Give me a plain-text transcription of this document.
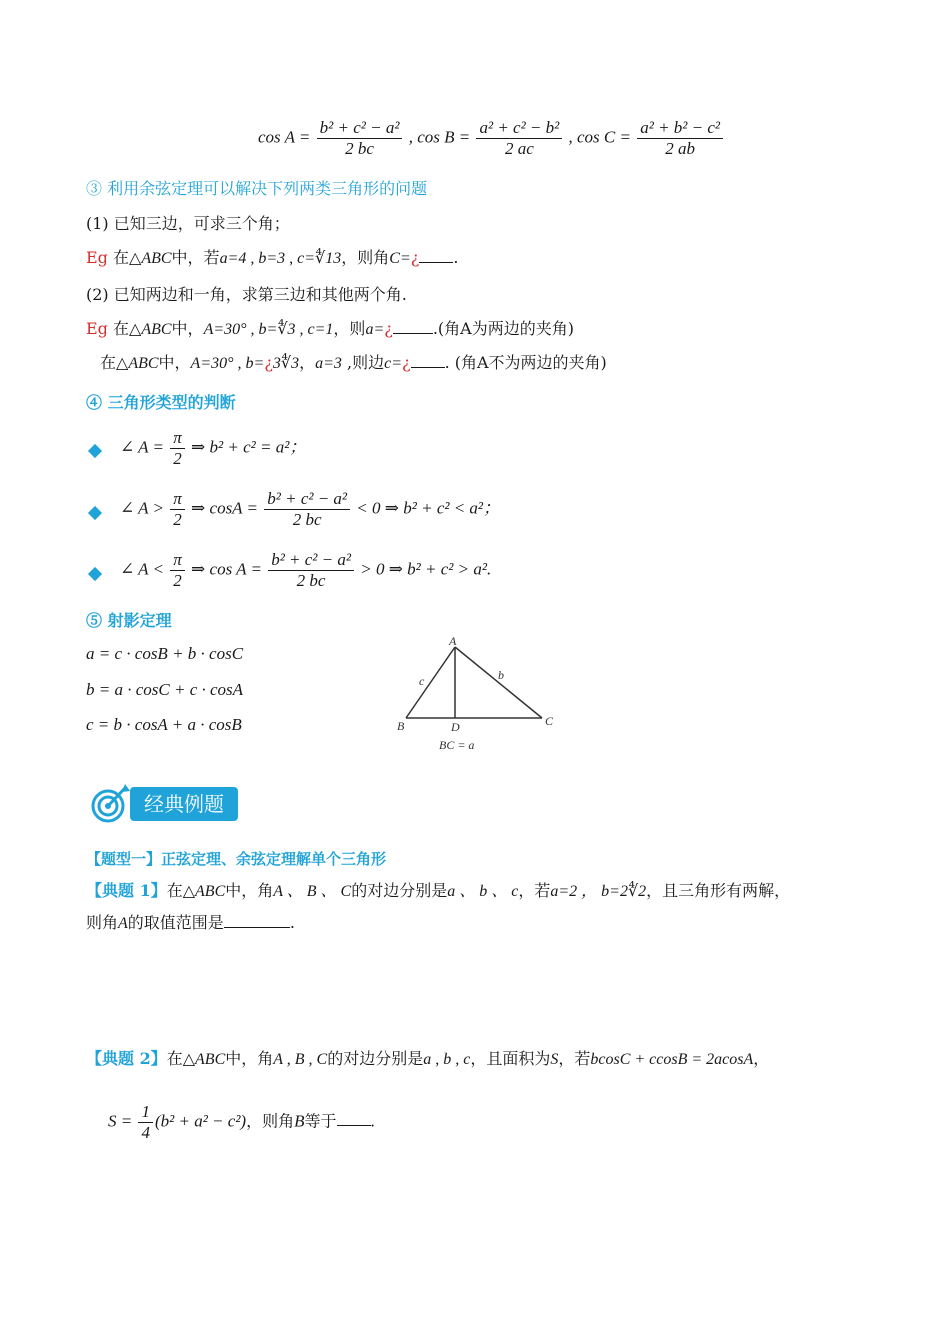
$\cos A = \frac{\text{b² + c² − a²}}{2 bc}$ , $\cos B = \frac{\text{a² + c² − b²}}{2 ac}$ , $\cos C = \frac{\text{a² + b² − c²}}{2 ab}$
③ 利用余弦定理可以解决下列两类三角形的问题
(1) 已知三边，可求三个角；
Eg 在△ABC中，若a=4 , b=3 , c=∜13，则角C=¿ .
(2) 已知两边和一角，求第三边和其他两个角.
Eg 在△ABC中，A=30° , b=∜3 , c=1，则a=¿	.(角A为两边的夹角)
在△ABC中，A=30° , b=¿3∜3，a=3 ,则边c=¿ . (角A不为两边的夹角)
④ 三角形类型的判断
∠ $A = \frac{\pi}{2}$ ⇒ b² + c² = a²；
∠ $A > \frac{\pi}{2}$ ⇒ $\cos A = \frac{\text{b² + c² − a²}}{2 bc} < 0$ ⇒ b² + c² < a²；
∠ $A < \frac{\pi}{2}$ ⇒ $\cos A = \frac{\text{b² + c² − a²}}{2 bc} > 0$ ⇒ b² + c² > a².
⑤ 射影定理
a = c · cosB + b · cosC
b = a · cosC + c · cosA
c = b · cosA + a · cosB
A
B	C
D
b
c
BC = a
经典例题
【题型一】正弦定理、余弦定理解单个三角形
【典题 1】在△ABC中，角A 、 B 、 C的对边分别是a 、 b 、 c，若a=2 ， b=2∜2，且三角形有两解，
则角A的取值范围是	.
【典题 2】在△ABC中，角A , B , C的对边分别是a , b , c，且面积为S，若bcosC + ccosB = 2acosA，
$S = \frac{1}{4} (b^2 + a^2 - c^2)$，则角B等于 .
